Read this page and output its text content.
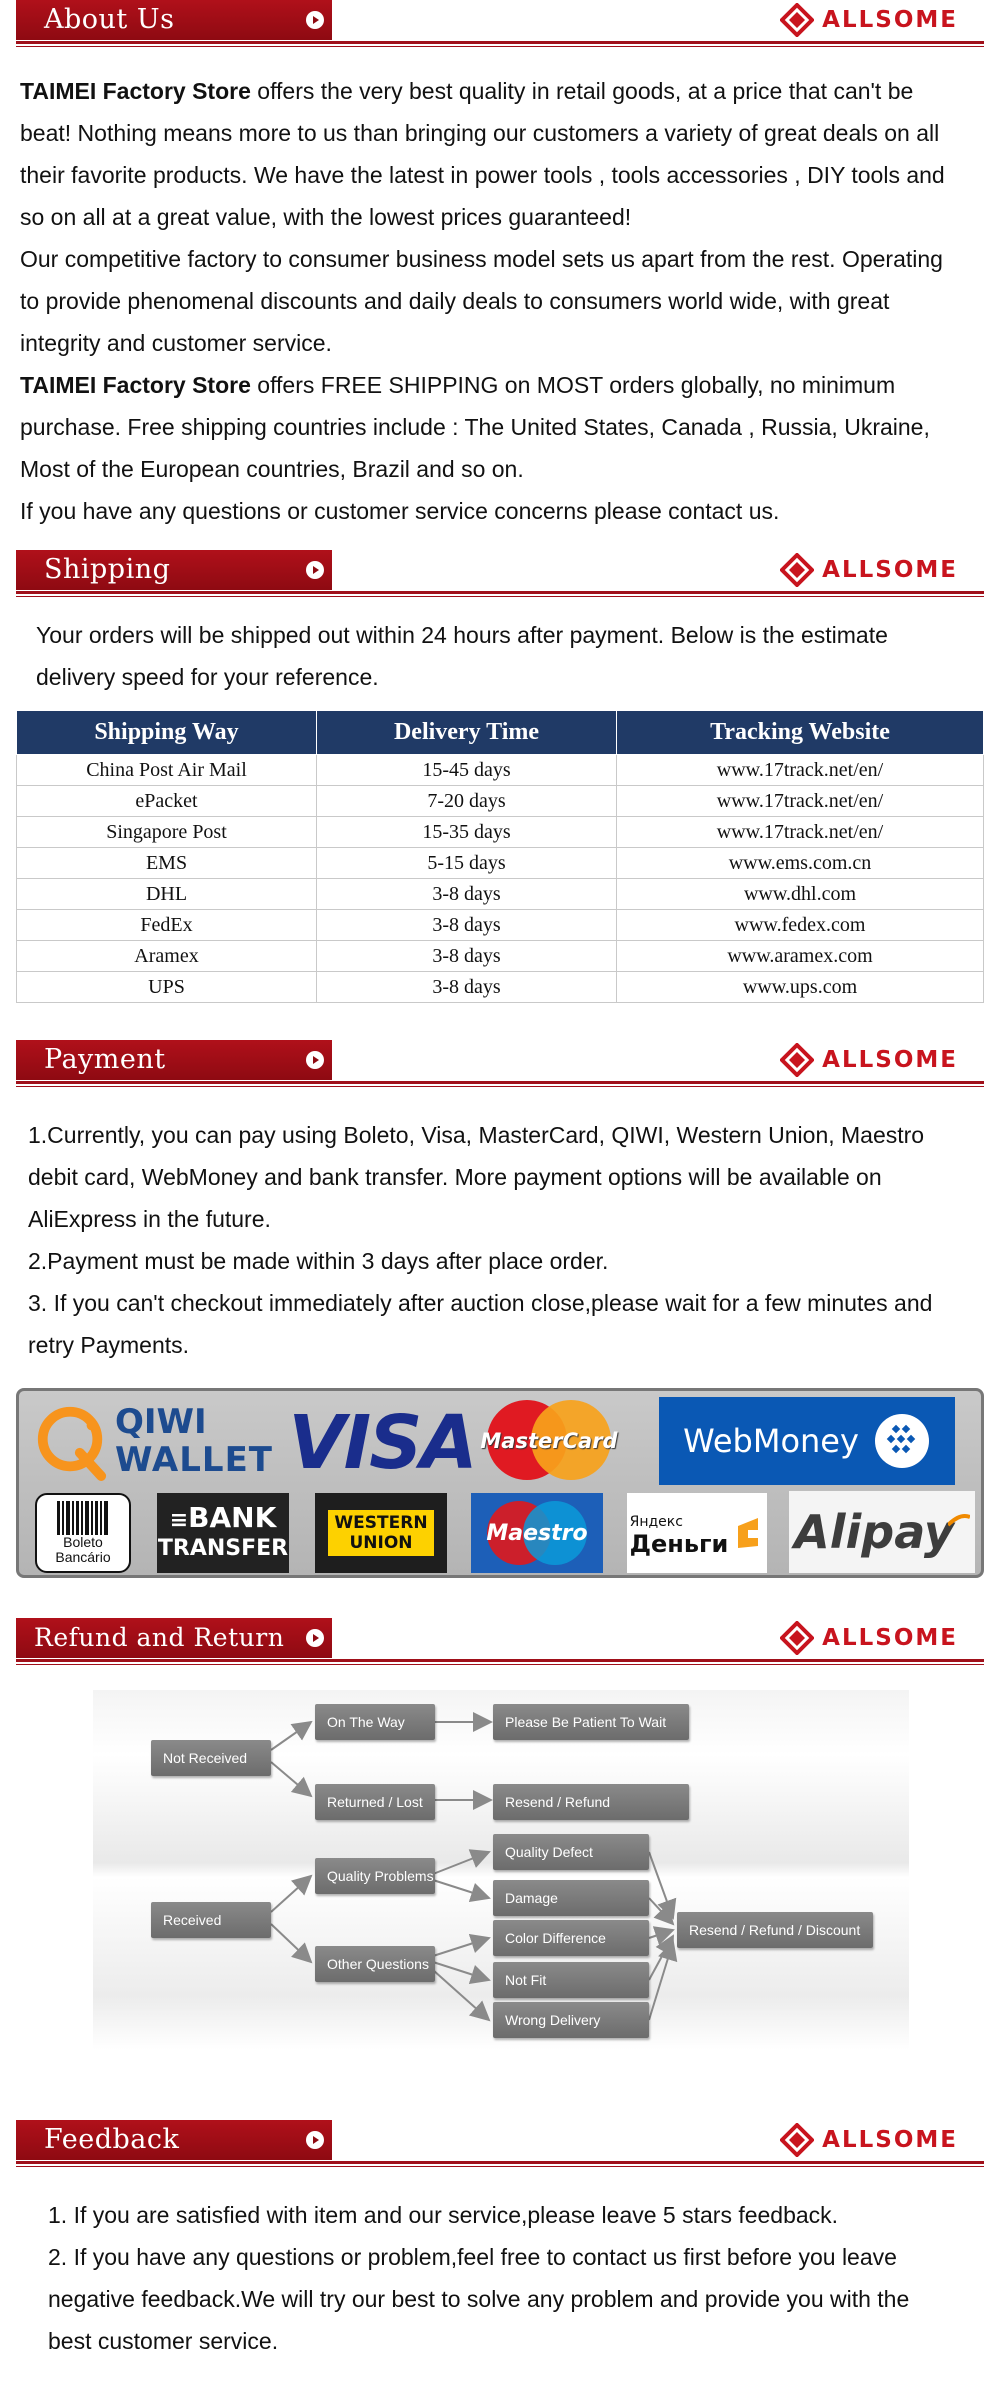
About Us	ALLSOME
TAIMEI Factory Store offers the very best quality in retail goods, at a price that can't be
beat! Nothing means more to us than bringing our customers a variety of great deals on all
their favorite products. We have the latest in power tools , tools accessories , DIY tools and
so on all at a great value, with the lowest prices guaranteed!
Our competitive factory to consumer business model sets us apart from the rest. Operating
to provide phenomenal discounts and daily deals to consumers world wide, with great
integrity and customer service.
TAIMEI Factory Store offers FREE SHIPPING on MOST orders globally, no minimum
purchase. Free shipping countries include : The United States, Canada , Russia, Ukraine,
Most of the European countries, Brazil and so on.
If you have any questions or customer service concerns please contact us.
Shipping	ALLSOME
Your orders will be shipped out within 24 hours after payment. Below is the estimate
delivery speed for your reference.
Shipping Way	Delivery Time	Tracking Website
China Post Air Mail	15-45 days	www.17track.net/en/
ePacket	7-20 days	www.17track.net/en/
Singapore Post	15-35 days	www.17track.net/en/
EMS	5-15 days	www.ems.com.cn
DHL	3-8 days	www.dhl.com
FedEx	3-8 days	www.fedex.com
Aramex	3-8 days	www.aramex.com
UPS	3-8 days	www.ups.com
Payment	ALLSOME
1.Currently, you can pay using Boleto, Visa, MasterCard, QIWI, Western Union, Maestro
debit card, WebMoney and bank transfer. More payment options will be available on
AliExpress in the future.
2.Payment must be made within 3 days after place order.
3. If you can't checkout immediately after auction close,please wait for a few minutes and
retry Payments.
QIWI
WALLET VISA MasterCard WebMoney
Boleto
Bancário
≡BANK
TRANSFER
WESTERN
UNION	Maestro	Яндекс
Деньги Alipay
Refund and Return	ALLSOME
Not Received
On The Way	Please Be Patient To Wait
Returned / Lost	Resend / Refund
Received
Quality Problems
Other Questions
Quality Defect
Damage
Color Difference
Not Fit
Wrong Delivery
Resend / Refund / Discount
Feedback	ALLSOME
1. If you are satisfied with item and our service,please leave 5 stars feedback.
2. If you have any questions or problem,feel free to contact us first before you leave
negative feedback.We will try our best to solve any problem and provide you with the
best customer service.
